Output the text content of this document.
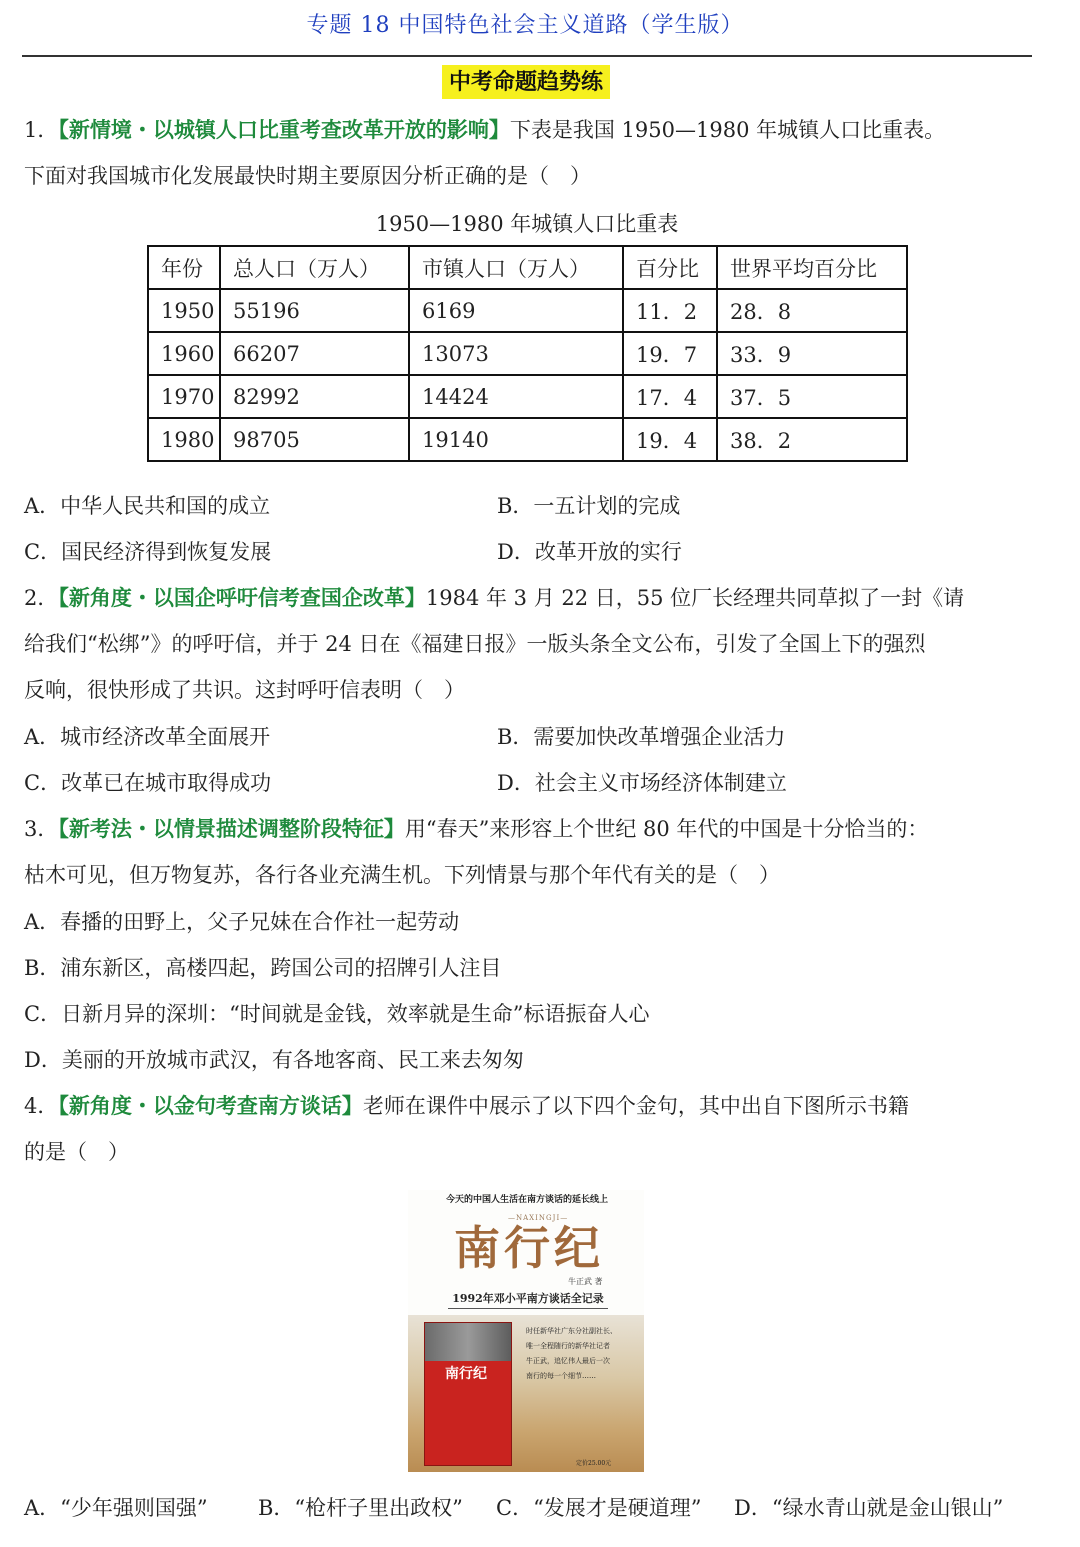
专题 18 中国特色社会主义道路（学生版）
中考命题趋势练
1．【新情境・以城镇人口比重考查改革开放的影响】下表是我国 1950—1980 年城镇人口比重表。
下面对我国城市化发展最快时期主要原因分析正确的是（　）
1950—1980 年城镇人口比重表
年份	总人口（万人）	市镇人口（万人）	百分比	世界平均百分比
1950	55196	6169	11．2	28．8
1960	66207	13073	19．7	33．9
1970	82992	14424	17．4	37．5
1980	98705	19140	19．4	38．2
A．中华人民共和国的成立	B．一五计划的完成
C．国民经济得到恢复发展	D．改革开放的实行
2．【新角度・以国企呼吁信考查国企改革】1984 年 3 月 22 日，55 位厂长经理共同草拟了一封《请
给我们“松绑”》的呼吁信，并于 24 日在《福建日报》一版头条全文公布，引发了全国上下的强烈
反响，很快形成了共识。这封呼吁信表明（　）
A．城市经济改革全面展开	B．需要加快改革增强企业活力
C．改革已在城市取得成功	D．社会主义市场经济体制建立
3．【新考法・以情景描述调整阶段特征】用“春天”来形容上个世纪 80 年代的中国是十分恰当的：
枯木可见，但万物复苏，各行各业充满生机。下列情景与那个年代有关的是（　）
A．春播的田野上，父子兄妹在合作社一起劳动
B．浦东新区，高楼四起，跨国公司的招牌引人注目
C．日新月异的深圳：“时间就是金钱，效率就是生命”标语振奋人心
D．美丽的开放城市武汉，有各地客商、民工来去匆匆
4．【新角度・以金句考查南方谈话】老师在课件中展示了以下四个金句，其中出自下图所示书籍
的是（　）
今天的中国人生活在南方谈话的延长线上
南行纪
—NAXINGJI—
牛正武 著
1992年邓小平南方谈话全记录
南行纪
时任新华社广东分社副社长、
唯一全程随行的新华社记者
牛正武，追忆伟人最后一次
南行的每一个细节……
定价25.00元
A．“少年强则国强” B．“枪杆子里出政权” C．“发展才是硬道理” D．“绿水青山就是金山银山”
